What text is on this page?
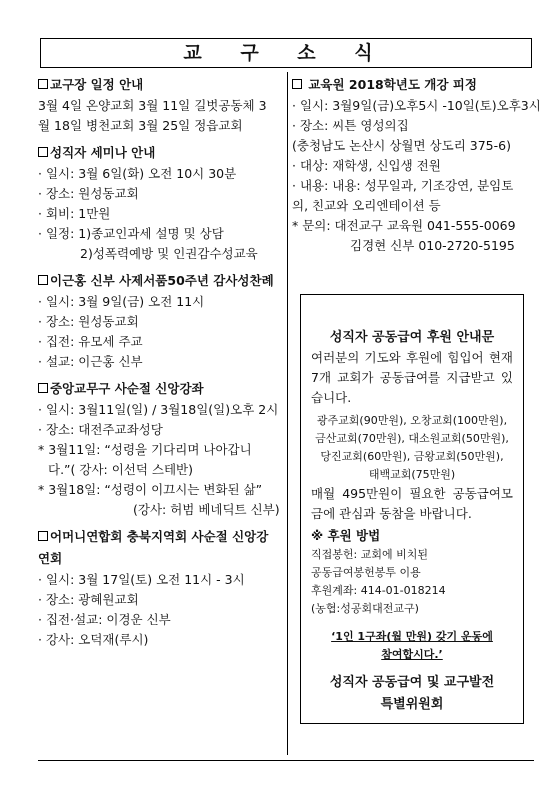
교 구 소 식
교구장 일정 안내
3월 4일 온양교회 3월 11일 길벗공동체 3
월 18일 병천교회 3월 25일 정읍교회
성직자 세미나 안내
· 일시: 3월 6일(화) 오전 10시 30분
· 장소: 원성동교회
· 회비: 1만원
· 일정: 1)종교인과세 설명 및 상담
2)성폭력예방 및 인권감수성교육
이근홍 신부 사제서품50주년 감사성찬례
· 일시: 3월 9일(금) 오전 11시
· 장소: 원성동교회
· 집전: 유모세 주교
· 설교: 이근홍 신부
중앙교무구 사순절 신앙강좌
· 일시: 3월11일(일) / 3월18일(일)오후 2시
· 장소: 대전주교좌성당
* 3월11일: “성령을 기다리며 나아갑니
다.”( 강사: 이선덕 스테반)
* 3월18일: “성령이 이끄시는 변화된 삶”
(강사: 허범 베네딕트 신부)
어머니연합회 충북지역회 사순절 신앙강
연회
· 일시: 3월 17일(토) 오전 11시 - 3시
· 장소: 광혜원교회
· 집전·설교: 이경운 신부
· 강사: 오덕재(루시)
교육원 2018학년도 개강 피정
· 일시: 3월9일(금)오후5시 -10일(토)오후3시
· 장소: 씨튼 영성의집
(충청남도 논산시 상월면 상도리 375-6)
· 대상: 재학생, 신입생 전원
· 내용: 내용: 성무일과, 기조강연, 분임토
의, 친교와 오리엔테이션 등
* 문의: 대전교구 교육원 041-555-0069
김경현 신부 010-2720-5195
성직자 공동급여 후원 안내문
여러분의 기도와 후원에 힘입어 현재 7개 교회가 공동급여를 지급받고 있습니다.
광주교회(90만원), 오창교회(100만원),
금산교회(70만원), 대소원교회(50만원),
당진교회(60만원), 금왕교회(50만원),
태백교회(75만원)
매월 495만원이 필요한 공동급여모금에 관심과 동참을 바랍니다.
※ 후원 방법
직접봉헌: 교회에 비치된
공동급여봉헌봉투 이용
후원계좌: 414-01-018214
(농협:성공회대전교구)
‘1인 1구좌(월 만원) 갖기 운동에
참여합시다.’
성직자 공동급여 및 교구발전
특별위원회
